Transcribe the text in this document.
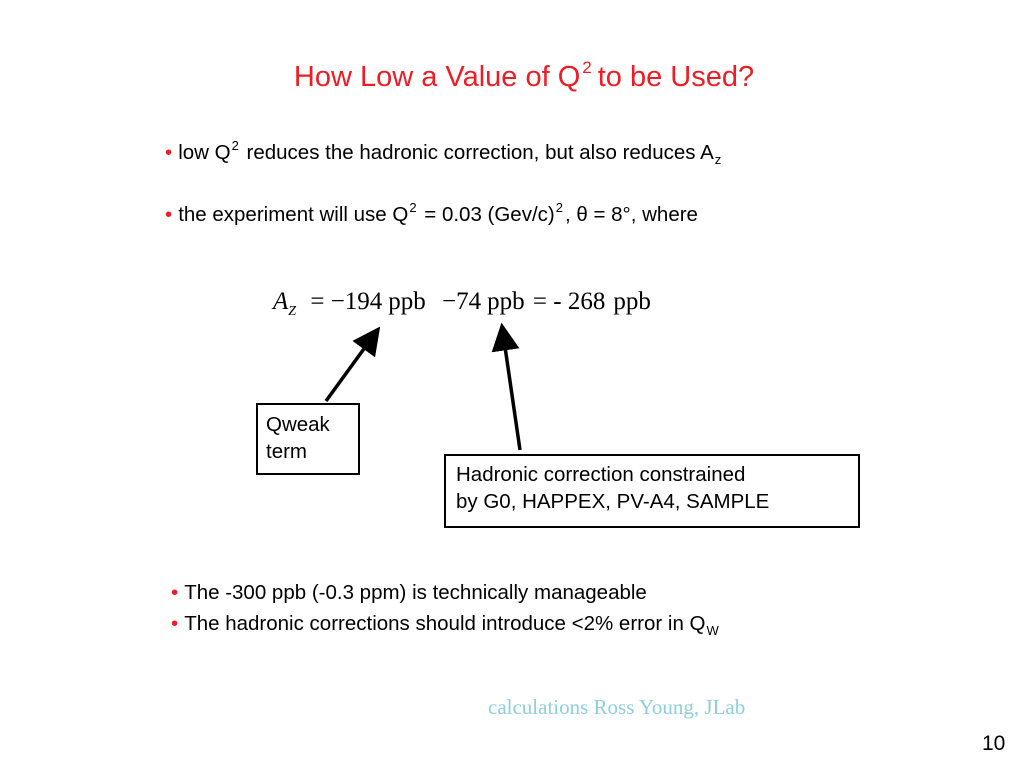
How Low a Value of Q $^2$ to be Used?
• low $Q^2$ reduces the hadronic correction, but also reduces $A_z$
• the experiment will use $Q^2 = 0.03$ $(Gev/c)^2$, θ = 8°, where
$A_Z = -194$ ppb −74 ppb = - 268 ppb
Qweak
term
Hadronic correction constrained
by G0, HAPPEX, PV-A4, SAMPLE
• The -300 ppb (-0.3 ppm) is technically manageable
• The hadronic corrections should introduce <2% error in $Q_W$
calculations Ross Young, JLab
10
